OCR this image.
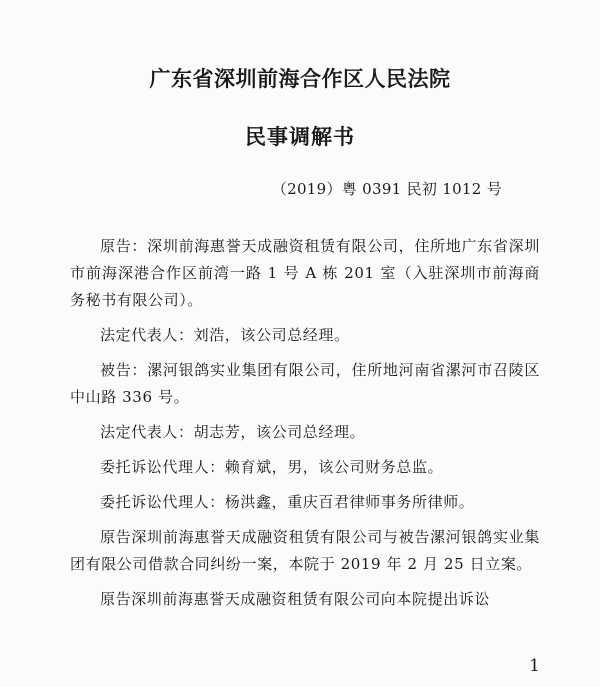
广东省深圳前海合作区人民法院
民事调解书
（2019）粤 0391 民初 1012 号

原告：深圳前海惠誉天成融资租赁有限公司，住所地广东省深圳市前海深港合作区前湾一路 1 号 A 栋 201 室（入驻深圳市前海商务秘书有限公司）。

法定代表人：刘浩，该公司总经理。

被告：漯河银鸽实业集团有限公司，住所地河南省漯河市召陵区中山路 336 号。

法定代表人：胡志芳，该公司总经理。

委托诉讼代理人：赖育斌，男，该公司财务总监。

委托诉讼代理人：杨洪鑫，重庆百君律师事务所律师。

原告深圳前海惠誉天成融资租赁有限公司与被告漯河银鸽实业集团有限公司借款合同纠纷一案，本院于 2019 年 2 月 25 日立案。

原告深圳前海惠誉天成融资租赁有限公司向本院提出诉讼

1
